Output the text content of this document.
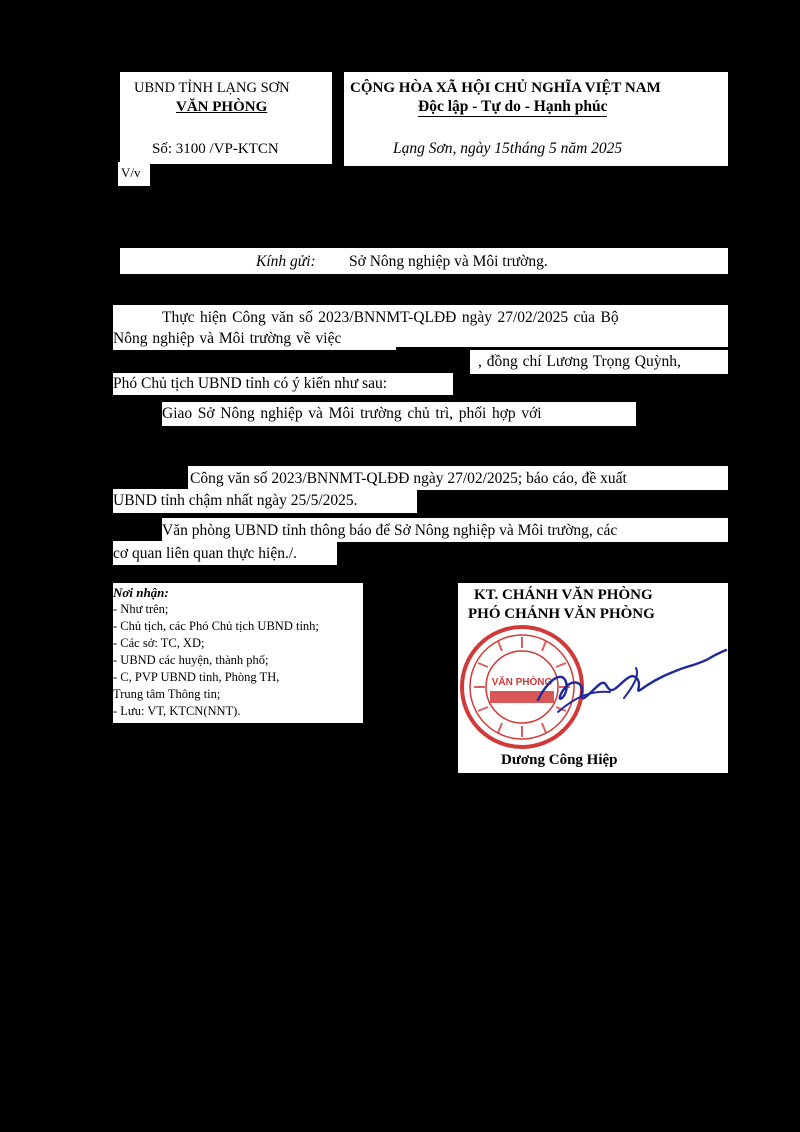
UBND TỈNH LẠNG SƠN
VĂN PHÒNG
CỘNG HÒA XÃ HỘI CHỦ NGHĨA VIỆT NAM
Độc lập - Tự do - Hạnh phúc
Số: 3100 /VP-KTCN
V/v
Lạng Sơn, ngày 15tháng 5 năm 2025
Kính gửi: Sở Nông nghiệp và Môi trường.
Thực hiện Công văn số 2023/BNNMT-QLĐĐ ngày 27/02/2025 của Bộ
Nông nghiệp và Môi trường về việc
, đồng chí Lương Trọng Quỳnh,
Phó Chủ tịch UBND tỉnh có ý kiến như sau:
Giao Sở Nông nghiệp và Môi trường chủ trì, phối hợp với
Công văn số 2023/BNNMT-QLĐĐ ngày 27/02/2025; báo cáo, đề xuất
UBND tỉnh chậm nhất ngày 25/5/2025.
Văn phòng UBND tỉnh thông báo để Sở Nông nghiệp và Môi trường, các
cơ quan liên quan thực hiện./.
Nơi nhận:
- Như trên;
- Chủ tịch, các Phó Chủ tịch UBND tỉnh;
- Các sở: TC, XD;
- UBND các huyện, thành phố;
- C, PVP UBND tỉnh, Phòng TH,
Trung tâm Thông tin;
- Lưu: VT, KTCN(NNT).
KT. CHÁNH VĂN PHÒNG
PHÓ CHÁNH VĂN PHÒNG
VĂN PHÒNG
Dương Công Hiệp
